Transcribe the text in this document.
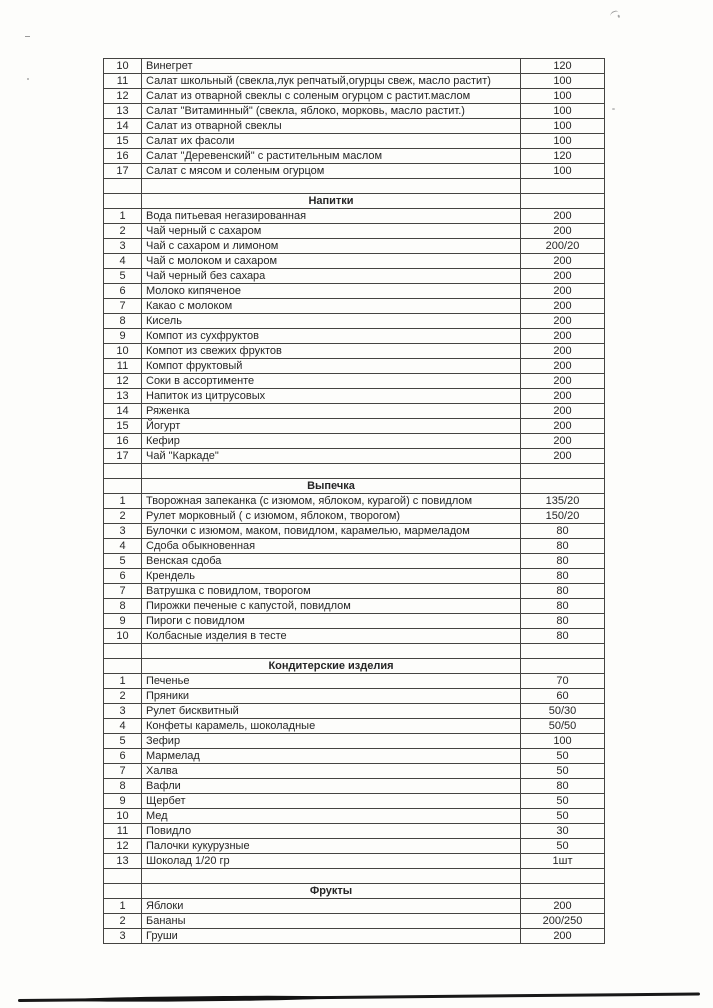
10	Винегрет	120
11	Салат школьный (свекла,лук репчатый,огурцы свеж, масло растит)	100
12	Салат из отварной свеклы с соленым огурцом с растит.маслом	100
13	Салат "Витаминный" (свекла, яблоко, морковь, масло растит.)	100
14	Салат из отварной свеклы	100
15	Салат их фасоли	100
16	Салат "Деревенский" с растительным маслом	120
17	Салат с мясом и соленым огурцом	100

	Напитки	
1	Вода питьевая негазированная	200
2	Чай черный с сахаром	200
3	Чай с сахаром и лимоном	200/20
4	Чай с молоком и сахаром	200
5	Чай черный без сахара	200
6	Молоко кипяченое	200
7	Какао с молоком	200
8	Кисель	200
9	Компот из сухфруктов	200
10	Компот из свежих фруктов	200
11	Компот фруктовый	200
12	Соки в ассортименте	200
13	Напиток из цитрусовых	200
14	Ряженка	200
15	Йогурт	200
16	Кефир	200
17	Чай "Каркаде"	200

	Выпечка	
1	Творожная запеканка (с изюмом, яблоком, курагой) с повидлом	135/20
2	Рулет морковный ( с изюмом, яблоком, творогом)	150/20
3	Булочки с изюмом, маком, повидлом, карамелью, мармеладом	80
4	Сдоба обыкновенная	80
5	Венская сдоба	80
6	Крендель	80
7	Ватрушка с повидлом, творогом	80
8	Пирожки печеные с капустой, повидлом	80
9	Пироги с повидлом	80
10	Колбасные изделия в тесте	80

	Кондитерские изделия	
1	Печенье	70
2	Пряники	60
3	Рулет бисквитный	50/30
4	Конфеты карамель, шоколадные	50/50
5	Зефир	100
6	Мармелад	50
7	Халва	50
8	Вафли	80
9	Щербет	50
10	Мед	50
11	Повидло	30
12	Палочки кукурузные	50
13	Шоколад 1/20 гр	1шт

	Фрукты	
1	Яблоки	200
2	Бананы	200/250
3	Груши	200
